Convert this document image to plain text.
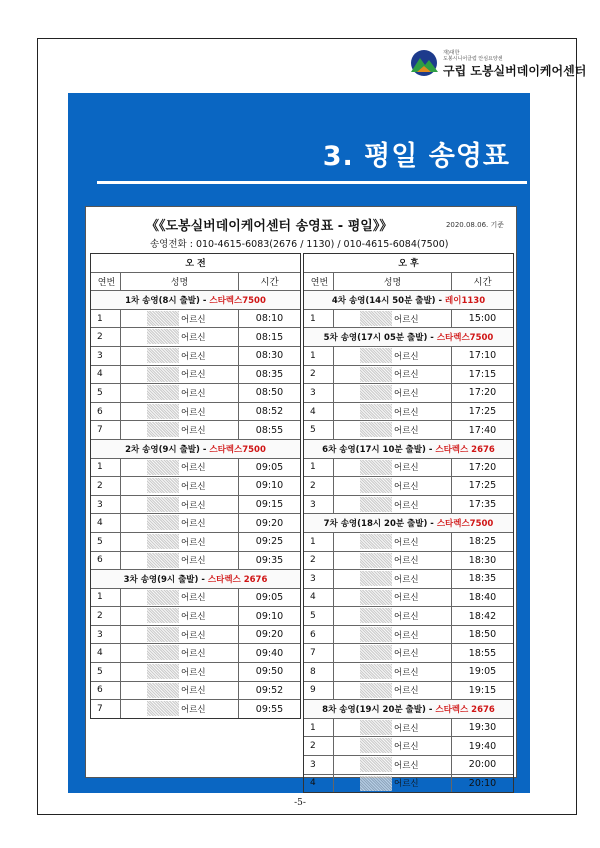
재)대한
도봉시니어클럽 안심요양센
구립 도봉실버데이케어센터
3. 평일 송영표
《《도봉실버데이케어센터 송영표 - 평일》》	2020.08.06. 기준
송영전화 : 010-4615-6083(2676 / 1130) / 010-4615-6084(7500)
오 전
연번	성명	시간
1차 송영(8시 출발) - 스타렉스7500
1	어르신	08:10
2	어르신	08:15
3	어르신	08:30
4	어르신	08:35
5	어르신	08:50
6	어르신	08:52
7	어르신	08:55
2차 송영(9시 출발) - 스타렉스7500
1	어르신	09:05
2	어르신	09:10
3	어르신	09:15
4	어르신	09:20
5	어르신	09:25
6	어르신	09:35
3차 송영(9시 출발) - 스타렉스 2676
1	어르신	09:05
2	어르신	09:10
3	어르신	09:20
4	어르신	09:40
5	어르신	09:50
6	어르신	09:52
7	어르신	09:55
오 후
연번	성명	시간
4차 송영(14시 50분 출발) - 레이1130
1	어르신	15:00
5차 송영(17시 05분 출발) - 스타렉스7500
1	어르신	17:10
2	어르신	17:15
3	어르신	17:20
4	어르신	17:25
5	어르신	17:40
6차 송영(17시 10분 출발) - 스타렉스 2676
1	어르신	17:20
2	어르신	17:25
3	어르신	17:35
7차 송영(18시 20분 출발) - 스타렉스7500
1	어르신	18:25
2	어르신	18:30
3	어르신	18:35
4	어르신	18:40
5	어르신	18:42
6	어르신	18:50
7	어르신	18:55
8	어르신	19:05
9	어르신	19:15
8차 송영(19시 20분 출발) - 스타렉스 2676
1	어르신	19:30
2	어르신	19:40
3	어르신	20:00
4	어르신	20:10
-5-
